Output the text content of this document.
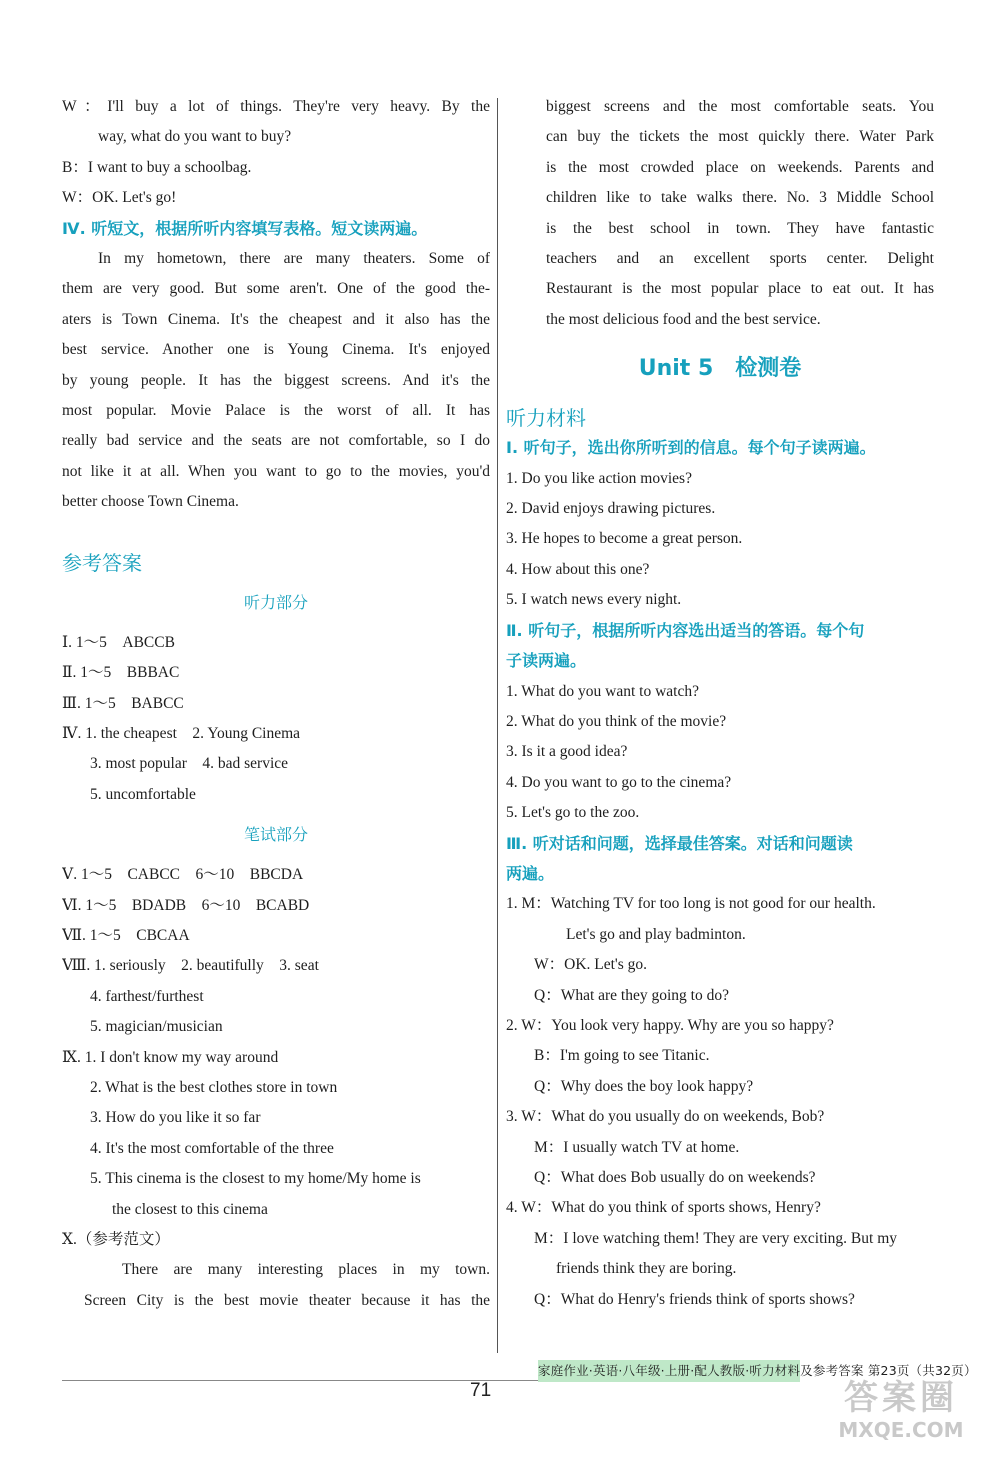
W：I'll buy a lot of things. They're very heavy. By the
way, what do you want to buy?
B：I want to buy a schoolbag.
W：OK. Let's go!
Ⅳ. 听短文，根据所听内容填写表格。短文读两遍。
In my hometown, there are many theaters. Some of
them are very good. But some aren't. One of the good the-
aters is Town Cinema. It's the cheapest and it also has the
best service. Another one is Young Cinema. It's enjoyed
by young people. It has the biggest screens. And it's the
most popular. Movie Palace is the worst of all. It has
really bad service and the seats are not comfortable, so I do
not like it at all. When you want to go to the movies, you'd
better choose Town Cinema.
参考答案
听力部分
Ⅰ. 1～5　ABCCB
Ⅱ. 1～5　BBBAC
Ⅲ. 1～5　BABCC
Ⅳ. 1. the cheapest　2. Young Cinema
3. most popular　4. bad service
5. uncomfortable
笔试部分
Ⅴ. 1～5　CABCC　6～10　BBCDA
Ⅵ. 1～5　BDADB　6～10　BCABD
Ⅶ. 1～5　CBCAA
Ⅷ. 1. seriously　2. beautifully　3. seat
4. farthest/furthest
5. magician/musician
Ⅸ. 1. I don't know my way around
2. What is the best clothes store in town
3. How do you like it so far
4. It's the most comfortable of the three
5. This cinema is the closest to my home/My home is
the closest to this cinema
Ⅹ.（参考范文）
There are many interesting places in my town.
Screen City is the best movie theater because it has the
biggest screens and the most comfortable seats. You
can buy the tickets the most quickly there. Water Park
is the most crowded place on weekends. Parents and
children like to take walks there. No. 3 Middle School
is the best school in town. They have fantastic
teachers and an excellent sports center. Delight
Restaurant is the most popular place to eat out. It has
the most delicious food and the best service.
Unit 5　检测卷
听力材料
Ⅰ. 听句子，选出你所听到的信息。每个句子读两遍。
1. Do you like action movies?
2. David enjoys drawing pictures.
3. He hopes to become a great person.
4. How about this one?
5. I watch news every night.
Ⅱ. 听句子，根据所听内容选出适当的答语。每个句
子读两遍。
1. What do you want to watch?
2. What do you think of the movie?
3. Is it a good idea?
4. Do you want to go to the cinema?
5. Let's go to the zoo.
Ⅲ. 听对话和问题，选择最佳答案。对话和问题读
两遍。
1. M：Watching TV for too long is not good for our health.
Let's go and play badminton.
W：OK. Let's go.
Q：What are they going to do?
2. W：You look very happy. Why are you so happy?
B：I'm going to see Titanic.
Q：Why does the boy look happy?
3. W：What do you usually do on weekends, Bob?
M：I usually watch TV at home.
Q：What does Bob usually do on weekends?
4. W：What do you think of sports shows, Henry?
M：I love watching them! They are very exciting. But my
friends think they are boring.
Q：What do Henry's friends think of sports shows?
家庭作业·英语·八年级·上册·配人教版·听力材料及参考答案 第23页（共32页）
71	答案圈
MXQE.COM
